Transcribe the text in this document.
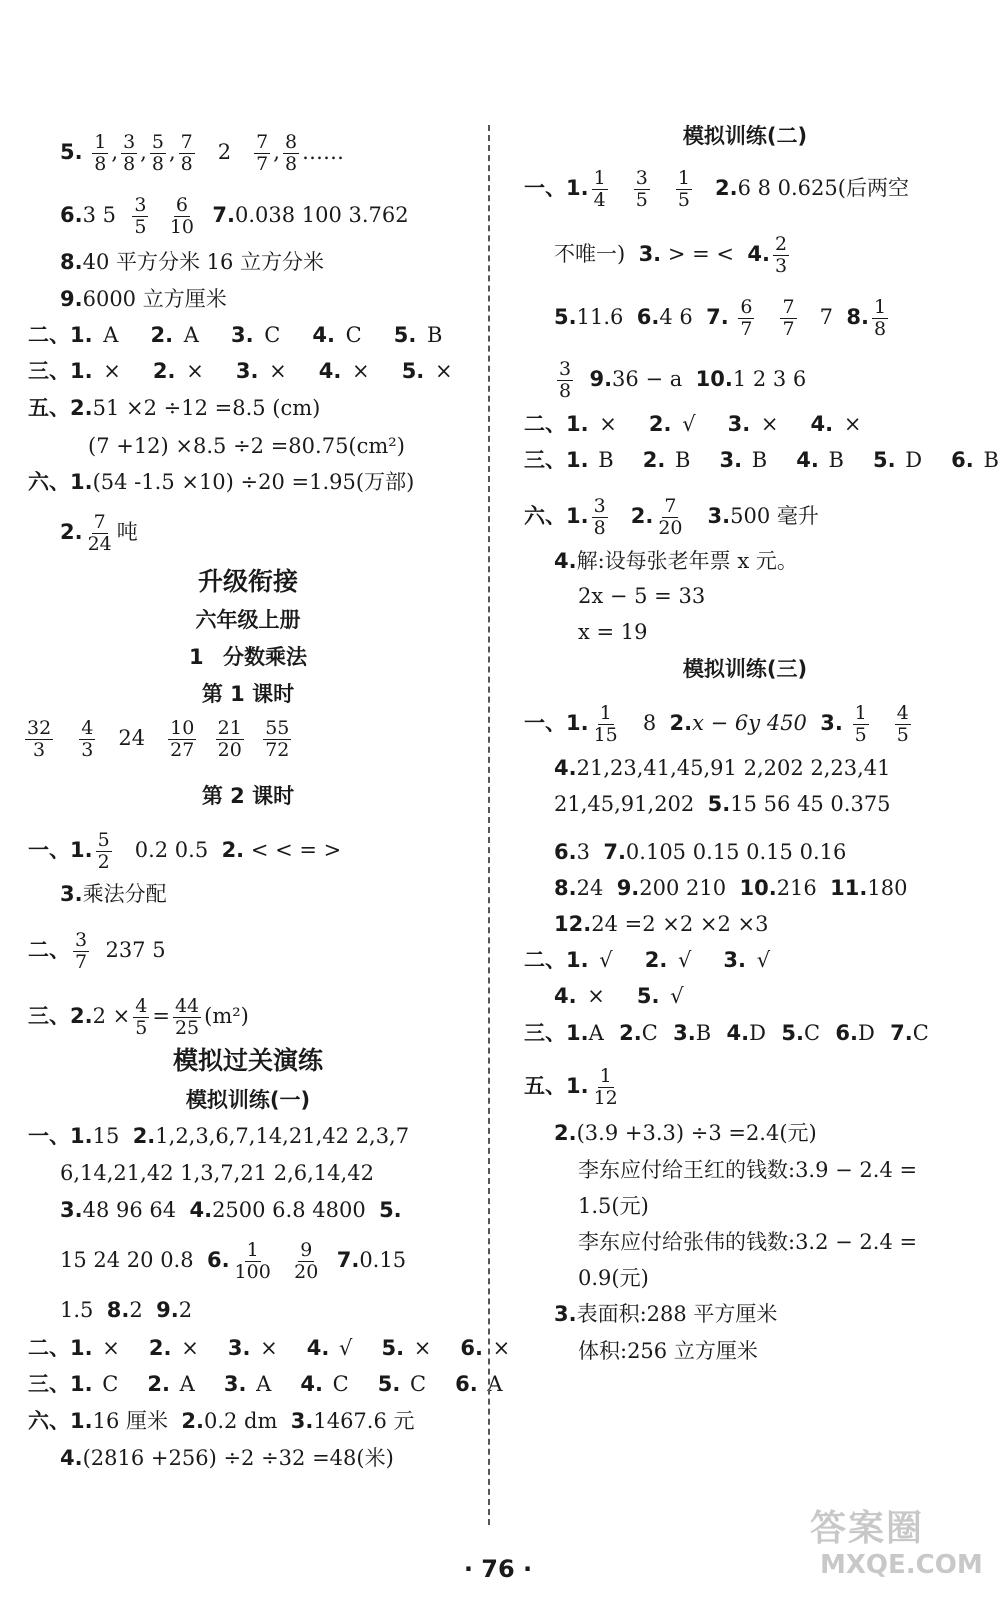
5. $\frac{1}{8}$ , $\frac{3}{8}$ , $\frac{5}{8}$ , $\frac{7}{8} 2 \frac{7}{7}$ , $\frac{8}{8}$ ……
6.3 $5 \frac{3}{5}$
$\frac{6}{10} 7.0.038$ 100 3.762
8.40 平方分米 16 立方分米
9.6000 立方厘米
二、1. A 2. A 3. C 4. C 5. B
三、1. × 2. × 3. × 4. × 5. ×
五、2.51 ×2 ÷12 =8.5 (cm)
(7 +12) ×8.5 ÷2 =80.75(cm²)
六、1.(54 -1.5 ×10) ÷20 =1.95(万部)
2. $\frac{7}{24}$ 吨
升级衔接
六年级上册
1 分数乘法
第 1 课时
$\frac{32}{3}$
$\frac{4}{3} 24 \frac{10}{27}$
$\frac{21}{20}$
$\frac{55}{72}$
第 2 课时
一、1. $\frac{5}{2} 0.2$ 0.5 2. < < = >
3.乘法分配
二、 $\frac{3}{7} 237$ 5
三、$2.2 \times \frac{4}{5} = \frac{44}{25} (m^2)$
模拟过关演练
模拟训练(一)
一、1.15 2.1,2,3,6,7,14,21,42 2,3,7
6,14,21,42 1,3,7,21 2,6,14,42
3.48 96 64 4.2500 6.8 4800 5.
15 24 20 0.8 6. $\frac{1}{100}$
$\frac{9}{20} 7.0.15$
1.5 8.2 9.2
二、1. × 2. × 3. × 4. √ 5. × 6. ×
三、1. C 2. A 3. A 4. C 5. C 6. A
六、1.16 厘米 2.0.2 dm 3.1467.6 元
4.(2816 +256) ÷2 ÷32 =48(米)
模拟训练(二)
一、1. $\frac{1}{4}$
$\frac{3}{5}$
$\frac{1}{5} 2.6$ 8 0.625(后两空
不唯一) 3. > = < 4. $\frac{2}{3}$
5.11.6 6.4 6 7. $\frac{6}{7}$
$\frac{7}{7} 7$ 8. $\frac{1}{8}$
$\frac{3}{8} 9.36 - a$ 10.1 2 3 6
二、1. × 2. √ 3. × 4. ×
三、1. B 2. B 3. B 4. B 5. D 6. B
六、1. $\frac{3}{8} 2$. $\frac{7}{20} 3.500$ 毫升
4.解:设每张老年票 x 元。
2x − 5 = 33
x = 19
模拟训练(三)
一、1. $\frac{1}{15} 8$ 2.x − 6y 450 3. $\frac{1}{5}$
$\frac{4}{5}$
4.21,23,41,45,91 2,202 2,23,41
21,45,91,202 5.15 56 45 0.375
6.3 7.0.105 0.15 0.15 0.16
8.24 9.200 210 10.216 11.180
12.24 =2 ×2 ×2 ×3
二、1. √ 2. √ 3. √
4. × 5. √
三、1.A 2.C 3.B 4.D 5.C 6.D 7.C
五、1. $\frac{1}{12}$
2.(3.9 +3.3) ÷3 =2.4(元)
李东应付给王红的钱数:3.9 − 2.4 =
1.5(元)
李东应付给张伟的钱数:3.2 − 2.4 =
0.9(元)
3.表面积:288 平方厘米
体积:256 立方厘米
· 76 ·
答案圈
MXQE.COM
